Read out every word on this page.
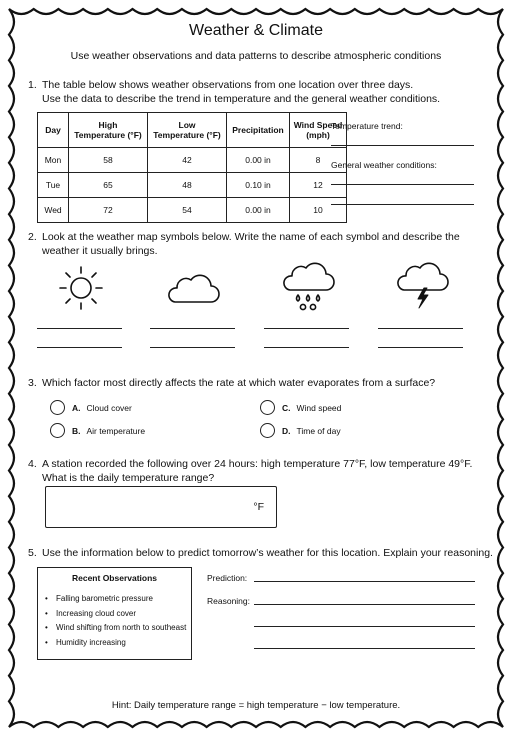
Weather & Climate
Use weather observations and data patterns to describe atmospheric conditions
1. The table below shows weather observations from one location over three days.
Use the data to describe the trend in temperature and the general weather conditions.
Day	High Temperature (°F)	Low Temperature (°F)	Precipitation	Wind Speed (mph)
Mon	58	42	0.00 in	8
Tue	65	48	0.10 in	12
Wed	72	54	0.00 in	10
Temperature trend:
General weather conditions:
2. Look at the weather map symbols below. Write the name of each symbol and describe the
weather it usually brings.
3. Which factor most directly affects the rate at which water evaporates from a surface?
A. Cloud cover
B. Air temperature
C. Wind speed
D. Time of day
4. A station recorded the following over 24 hours: high temperature 77°F, low temperature 49°F.
What is the daily temperature range?
°F
5. Use the information below to predict tomorrow’s weather for this location. Explain your reasoning.
Recent Observations
• Falling barometric pressure
• Increasing cloud cover
• Wind shifting from north to southeast
• Humidity increasing
Prediction:
Reasoning:
Hint: Daily temperature range = high temperature − low temperature.
